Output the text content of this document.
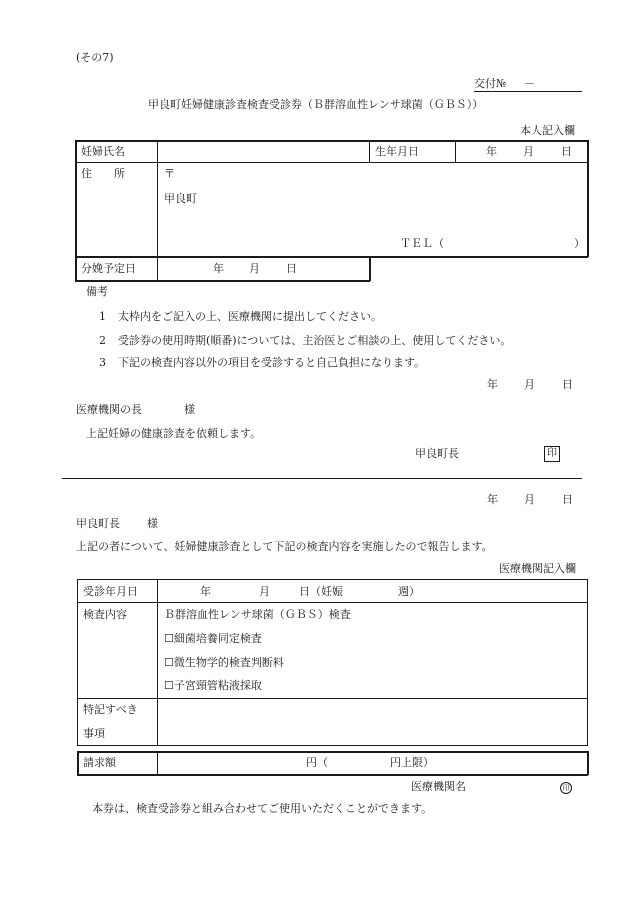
(その7)
交付№ －
甲良町妊婦健康診査検査受診券（Ｂ群溶血性レンサ球菌（ＧＢＳ））
本人記入欄
妊婦氏名	生年月日	年 月 日
住　　所	〒
甲良町
ＴＥＬ（	）
分娩予定日	年 月 日
備考
1 太枠内をご記入の上、医療機関に提出してください。
2 受診券の使用時期(順番)については、主治医とご相談の上、使用してください。
3 下記の検査内容以外の項目を受診すると自己負担になります。
年 月 日
医療機関の長	様
上記妊婦の健康診査を依頼します。
甲良町長	印
年 月 日
甲良町長 様
上記の者について、妊婦健康診査として下記の検査内容を実施したので報告します。
医療機関記入欄
受診年月日	年	月	日（妊娠	週）
検査内容	Ｂ群溶血性レンサ球菌（ＧＢＳ）検査
☐細菌培養同定検査
☐微生物学的検査判断料
☐子宮頸管粘液採取
特記すべき
事項
請求額	円（	円上限）
医療機関名	印
本券は、検査受診券と組み合わせてご使用いただくことができます。
